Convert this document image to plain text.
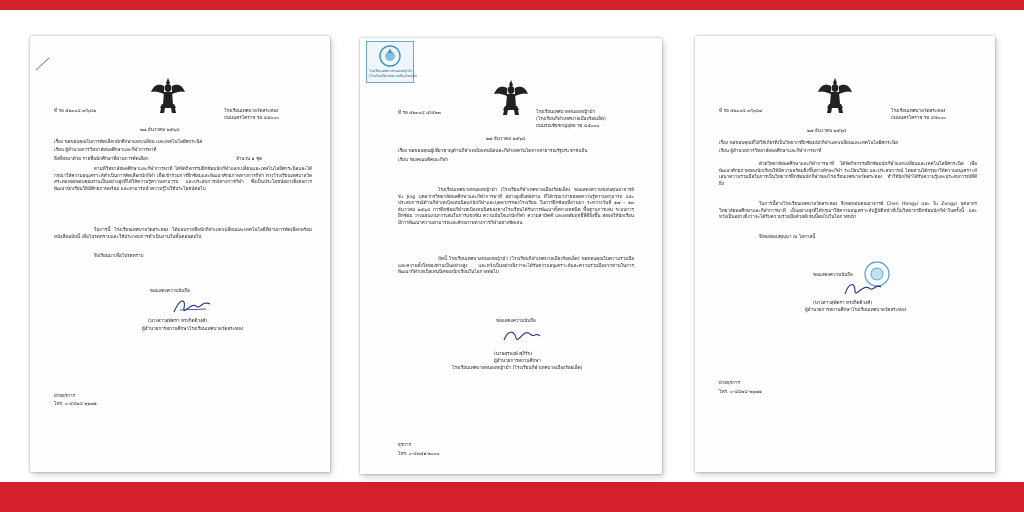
ที่ รอ ๕๒๐๐๔.๓/๖๔๑	โรงเรียนเทศบาลวัดสระทอง
ถนนนครโคราช รอ ๔๕๐๐๐
๒๗ ธันวาคม ๒๕๖๔
เรื่อง ขอขอบคุณในการคัดเลือกนักศึกษาแลกเปลี่ยน และเทคโนโลยีศกระนิส
เรียน ผู้อำนวยการวิทยาลัยพลศึกษาและกีฬาการพาที
สิ่งที่ส่งมาด้วย รายชื่อนักศึกษาที่ผ่านการคัดเลือก	จำนวน ๑ ชุด
ตามที่วิทยาลัยพลศึกษาและกีฬาการพาที ได้จัดกิจกรรมฝึกซ้อมนักกีฬาแลกเปลี่ยนและเทคโนโลยีศกระนิสและได้กรุณาให้ความอนุเคราะห์ดำเนินการคัดเลือกนักกีฬา เพื่อเข้าร่วมการฝึกซ้อมและพัฒนาศักยภาพทางการกีฬา ทางโรงเรียนเทศบาลวัดสระทองขอขอบคุณท่านเป็นอย่างสูงที่ได้ให้ความรู้ความสามารถ และประสบการณ์ทางการกีฬา ซึ่งเป็นประโยชน์อย่างยิ่งต่อการพัฒนานักเรียนให้มีศักยภาพพร้อม และสามารถนำความรู้ไปใช้ประโยชน์ต่อไป
ในการนี้ โรงเรียนเทศบาลวัดสระทอง ได้มอบรายชื่อนักกีฬาแลกเปลี่ยนและเทคโนโลยีที่ผ่านการคัดเลือกพร้อมหนังสือฉบับนี้ เพื่อโปรดทราบและใช้ประกอบการดำเนินงานในขั้นตอนต่อไป
จึงเรียนมาเพื่อโปรดทราบ
ขอแสดงความนับถือ
(นางสาวสุพัตรา ทรงกิตติวงศ์)
ผู้อำนวยการสถานศึกษาโรงเรียนเทศบาลวัดสระทอง
ฝ่ายธุรการ
โทร. ๐-๔๔๒๔-๒๖๗๑
โรงเรียนเทศบาลหนองหญ้าม้า
(โรงเรียนกีฬาเทศบาลเมืองร้อยเอ็ด)
ที่ รอ ๕๒๐๐๔.๕/๕๒๓	โรงเรียนเทศบาลหนองหญ้าม้า
(โรงเรียนกีฬาเทศบาลเมืองร้อยเอ็ด)
ถนนรณชัยชาญยุทธ รอ ๔๕๐๐๐
๒๗ ธันวาคม ๒๕๖๔
เรื่อง ขอขอบคุณผู้เชี่ยวชาญด้านกีฬาเทเบิลเทนนิสและกีฬาเทควันโดจากสาธารณรัฐประชาชนจีน
เรียน รองคณบดีคณะกีฬา
โรงเรียนเทศบาลหนองหญ้าม้า (โรงเรียนกีฬาเทศบาลเมืองร้อยเอ็ด) ขอแสดงความขอบคุณอาจารย์ Yu Jing บุคลากรวิทยาลัยพลศึกษาและกีฬาการพาที อย่างสูงยิ่งต่อท่าน ที่ได้กรุณาถ่ายทอดความรู้ความสามารถ และประสบการณ์ด้านกีฬาเทเบิลเทนนิสแก่นักกีฬาและบุคลากรของโรงเรียน ในการฝึกซ้อมที่ผ่านมา ระหว่างวันที่ ๑๗ - ๑๓ ธันวาคม ๒๕๖๔ การฝึกซ้อมกีฬาเทเบิลเทนนิสของทางโรงเรียนได้รับการพัฒนาทั้งทางเทคนิค พื้นฐานการเล่น ระบบการฝึกซ้อม วางแผนเกมการเล่นในการแข่งขัน ความมั่นใจแก่นักกีฬา ความสามัคคี และผลสัมฤทธิ์ที่ดียิ่งขึ้น ส่งผลให้นักเรียนมีการพัฒนาความสามารถและศักยภาพทางการกีฬาอย่างชัดเจน
บัดนี้ โรงเรียนเทศบาลหนองหญ้าม้า (โรงเรียนกีฬาเทศบาลเมืองร้อยเอ็ด) ขอขอบคุณในความร่วมมือและความตั้งใจของท่านเป็นอย่างสูง และหวังเป็นอย่างยิ่งว่าจะได้รับความอนุเคราะห์และความร่วมมือจากท่านในการพัฒนากีฬาเทเบิลเทนนิสของนักเรียนในโอกาสต่อไป
ขอแสดงความนับถือ
(นายสุรพงษ์ ศุภิรัก)
ผู้อำนวยการสถานศึกษา
โรงเรียนเทศบาลหนองหญ้าม้า (โรงเรียนกีฬาเทศบาลเมืองร้อยเอ็ด)
ธุรการ
โทร. ๐-๔๓๕๑-๒๐๐๐
ที่ รอ ๕๒๐๐๔.๓/๖๔๗	โรงเรียนเทศบาลวัดสระทอง
ถนนนครโคราช รอ ๔๕๐๐๐
๒๗ ธันวาคม ๒๕๖๔
เรื่อง ขอขอบคุณที่ได้ให้เกียรติเป็นวิทยากรฝึกซ้อมนักกีฬาแลกเปลี่ยนและเทคโนโลยีศกระนิส
เรียน ผู้อำนวยการวิทยาลัยพลศึกษาและกีฬาการพาที
ด้วยวิทยาลัยพลศึกษาและกีฬาการพาที ได้จัดกิจกรรมฝึกซ้อมนักกีฬาแลกเปลี่ยนและเทคโนโลยีศกระนิส เพื่อพัฒนาศักยภาพของนักเรียนให้มีความพร้อมยิ่งขึ้นทางทักษะกีฬา ระเบียบวินัย และประสบการณ์ โดยท่านได้กรุณาให้ความอนุเคราะห์เสนาความร่วมมือในการเป็นวิทยากรฝึกซ้อมนักกีฬาของโรงเรียนเทศบาลวัดสระทอง ทำให้นักกีฬาได้รับความรู้และประสบการณ์ที่ดียิ่ง
ในการนี้ทางโรงเรียนเทศบาลวัดสระทอง จึงขอขอบคุณอาจารย์ Chen Hongyi และ Tu Zongyi บุคลากรวิทยาลัยพลศึกษาและกีฬาการพาที เป็นอย่างสูงที่ได้กรุณาให้ความอนุเคราะห์ปฏิบัติหน้าที่เป็นวิทยากรฝึกซ้อมนักกีฬาในครั้งนี้ และหวังเป็นอย่างยิ่งว่าจะได้รับความร่วมมือด้วยดีเช่นนี้ต่อไปในโอกาสหน้า
จึงขอขอบคุณมา ณ โอกาสนี้
ขอแสดงความนับถือ
(นางสาวสุพัตรา ทรงกิตติวงศ์)
ผู้อำนวยการสถานศึกษาโรงเรียนเทศบาลวัดสระทอง
ฝ่ายธุรการ
โทร. ๐-๔๔๒๔-๒๖๗๑
